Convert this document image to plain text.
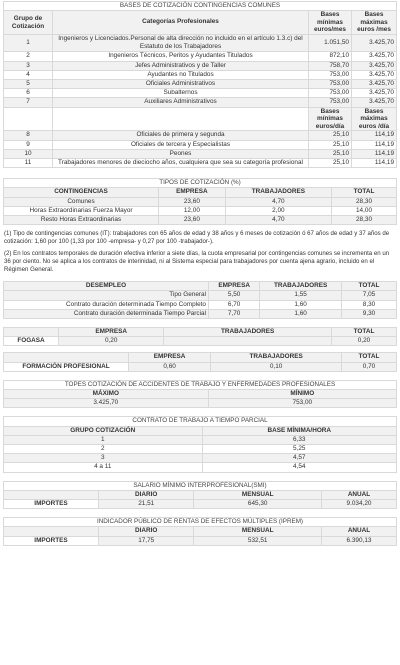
BASES DE COTIZACIÓN CONTINGENCIAS COMUNES			
Grupo de Cotización	Categorías Profesionales	Bases mínimas euros/mes	Bases máximas euros /mes
1	Ingenieros y Licenciados.Personal de alta dirección no incluido en el artículo 1.3.c) del Estatuto de los Trabajadores	1.051,50	3.425,70
2	Ingenieros Técnicos, Peritos y Ayudantes Titulados	872,10	3.425,70
3	Jefes Administrativos y de Taller	758,70	3.425,70
4	Ayudantes no Titulados	753,00	3.425,70
5	Oficiales Administrativos	753,00	3.425,70
6	Subalternos	753,00	3.425,70
7	Auxiliares Administrativos	753,00	3.425,70
		Bases mínimas euros/día	Bases máximas euros /día
8	Oficiales de primera y segunda	25,10	114,19
9	Oficiales de tercera y Especialistas	25,10	114,19
10	Peones	25,10	114,19
11	Trabajadores menores de dieciocho años, cualquiera que sea su categoría profesional	25,10	114,19
TIPOS DE COTIZACIÓN (%)			
CONTINGENCIAS	EMPRESA	TRABAJADORES	TOTAL
Comunes	23,60	4,70	28,30
Horas Extraordinarias Fuerza Mayor	12,00	2,00	14,00
Resto Horas Extraordinarias	23,60	4,70	28,30

(1) Tipo de contingencias comunes (IT): trabajadores con 65 años de edad y 38 años y 6 meses de cotización ó 67 años de edad y 37 años de cotización: 1,60 por 100 (1,33 por 100 -empresa- y 0,27 por 100 -trabajador-).

(2) En los contratos temporales de duración efectiva inferior a siete días, la cuota empresarial por contingencias comunes se incrementa en un 36 por ciento. No se aplica a los contratos de interinidad, ni al Sistema especial para trabajadores por cuenta ajena agrario, incluido en el Régimen General.

DESEMPLEO	EMPRESA	TRABAJADORES	TOTAL
Tipo General	5,50	1,55	7,05
Contrato duración determinada Tiempo Completo	6,70	1,60	8,30
Contrato duración determinada Tiempo Parcial	7,70	1,60	9,30
	EMPRESA	TRABAJADORES	TOTAL
FOGASA	0,20		0,20
	EMPRESA	TRABAJADORES	TOTAL
FORMACIÓN PROFESIONAL	0,60	0,10	0,70
TOPES COTIZACIÓN DE ACCIDENTES DE TRABAJO Y ENFERMEDADES PROFESIONALES	
MÁXIMO	MÍNIMO
3.425,70	753,00
CONTRATO DE TRABAJO A TIEMPO PARCIAL	
GRUPO COTIZACIÓN	BASE MÍNIMA/HORA
1	6,33
2	5,25
3	4,57
4 a 11	4,54
SALARIO MÍNIMO INTERPROFESIONAL(SMI)			
	DIARIO	MENSUAL	ANUAL
IMPORTES	21,51	645,30	9.034,20
INDICADOR PÚBLICO DE RENTAS DE EFECTOS MÚLTIPLES (IPREM)			
	DIARIO	MENSUAL	ANUAL
IMPORTES	17,75	532,51	6.390,13
